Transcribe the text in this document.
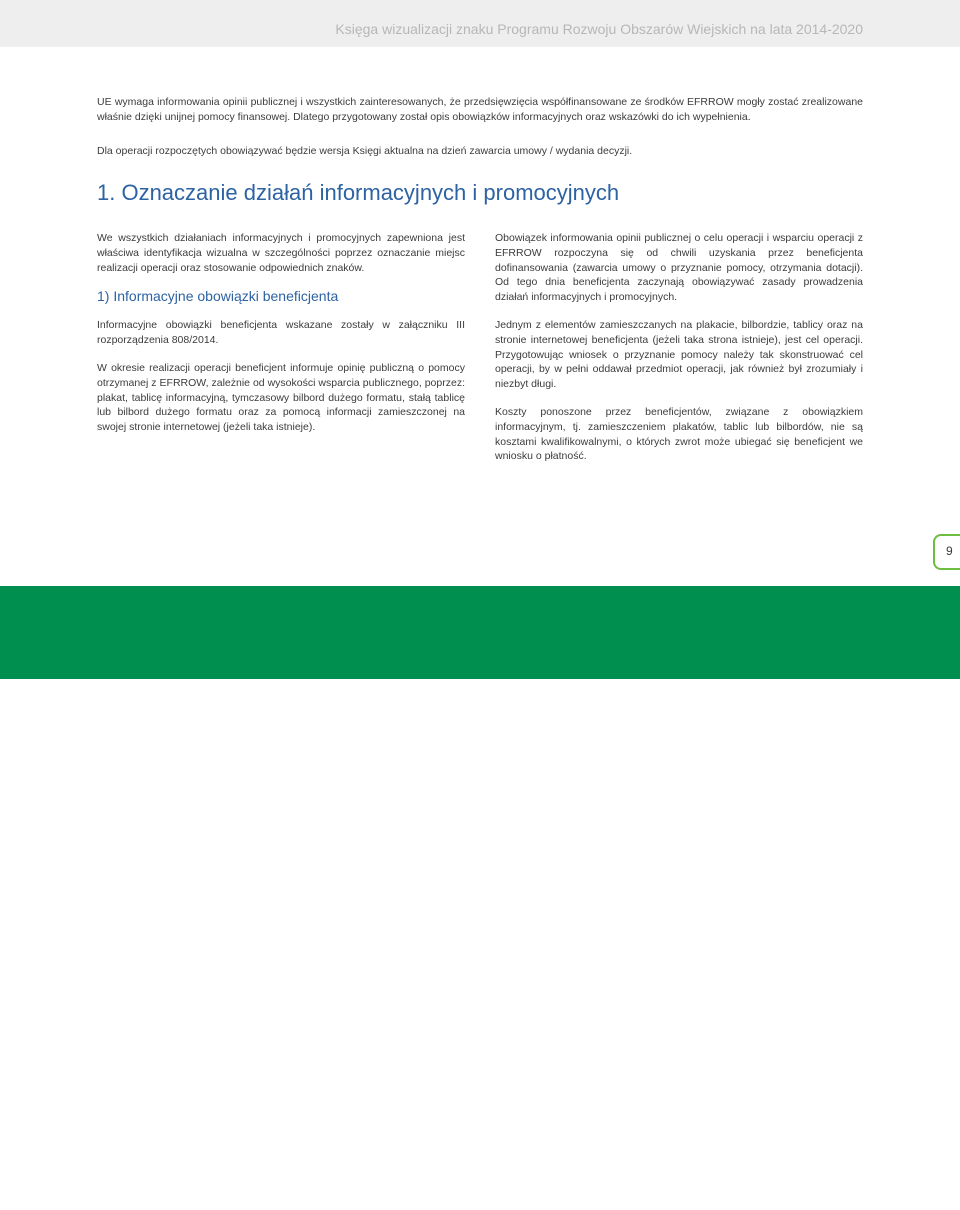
Księga wizualizacji znaku Programu Rozwoju Obszarów Wiejskich na lata 2014-2020

UE wymaga informowania opinii publicznej i wszystkich zainteresowanych, że przedsięwzięcia współfinansowane ze środków EFRROW mogły zostać zrealizowane właśnie dzięki unijnej pomocy finansowej. Dlatego przygotowany został opis obowiązków informacyjnych oraz wskazówki do ich wypełnienia.

Dla operacji rozpoczętych obowiązywać będzie wersja Księgi aktualna na dzień zawarcia umowy / wydania decyzji.

1. Oznaczanie działań informacyjnych i promocyjnych

We wszystkich działaniach informacyjnych i promocyjnych zapewniona jest właściwa identyfikacja wizualna w szczególności poprzez oznaczanie miejsc realizacji operacji oraz stosowanie odpowiednich znaków.

1) Informacyjne obowiązki beneficjenta

Informacyjne obowiązki beneficjenta wskazane zostały w załączniku III rozporządzenia 808/2014.

W okresie realizacji operacji beneficjent informuje opinię publiczną o pomocy otrzymanej z EFRROW, zależnie od wysokości wsparcia publicznego, poprzez: plakat, tablicę informacyjną, tymczasowy bilbord dużego formatu, stałą tablicę lub bilbord dużego formatu oraz za pomocą informacji zamieszczonej na swojej stronie internetowej (jeżeli taka istnieje).

Obowiązek informowania opinii publicznej o celu operacji i wsparciu operacji z EFRROW rozpoczyna się od chwili uzyskania przez beneficjenta dofinansowania (zawarcia umowy o przyznanie pomocy, otrzymania dotacji). Od tego dnia beneficjenta zaczynają obowiązywać zasady prowadzenia działań informacyjnych i promocyjnych.

Jednym z elementów zamieszczanych na plakacie, bilbordzie, tablicy oraz na stronie internetowej beneficjenta (jeżeli taka strona istnieje), jest cel operacji. Przygotowując wniosek o przyznanie pomocy należy tak skonstruować cel operacji, by w pełni oddawał przedmiot operacji, jak również był zrozumiały i niezbyt długi.

Koszty ponoszone przez beneficjentów, związane z obowiązkiem informacyjnym, tj. zamieszczeniem plakatów, tablic lub bilbordów, nie są kosztami kwalifikowalnymi, o których zwrot może ubiegać się beneficjent we wniosku o płatność.

9
Ministerstwo Rolnictwa i Rozwoju Wsi
